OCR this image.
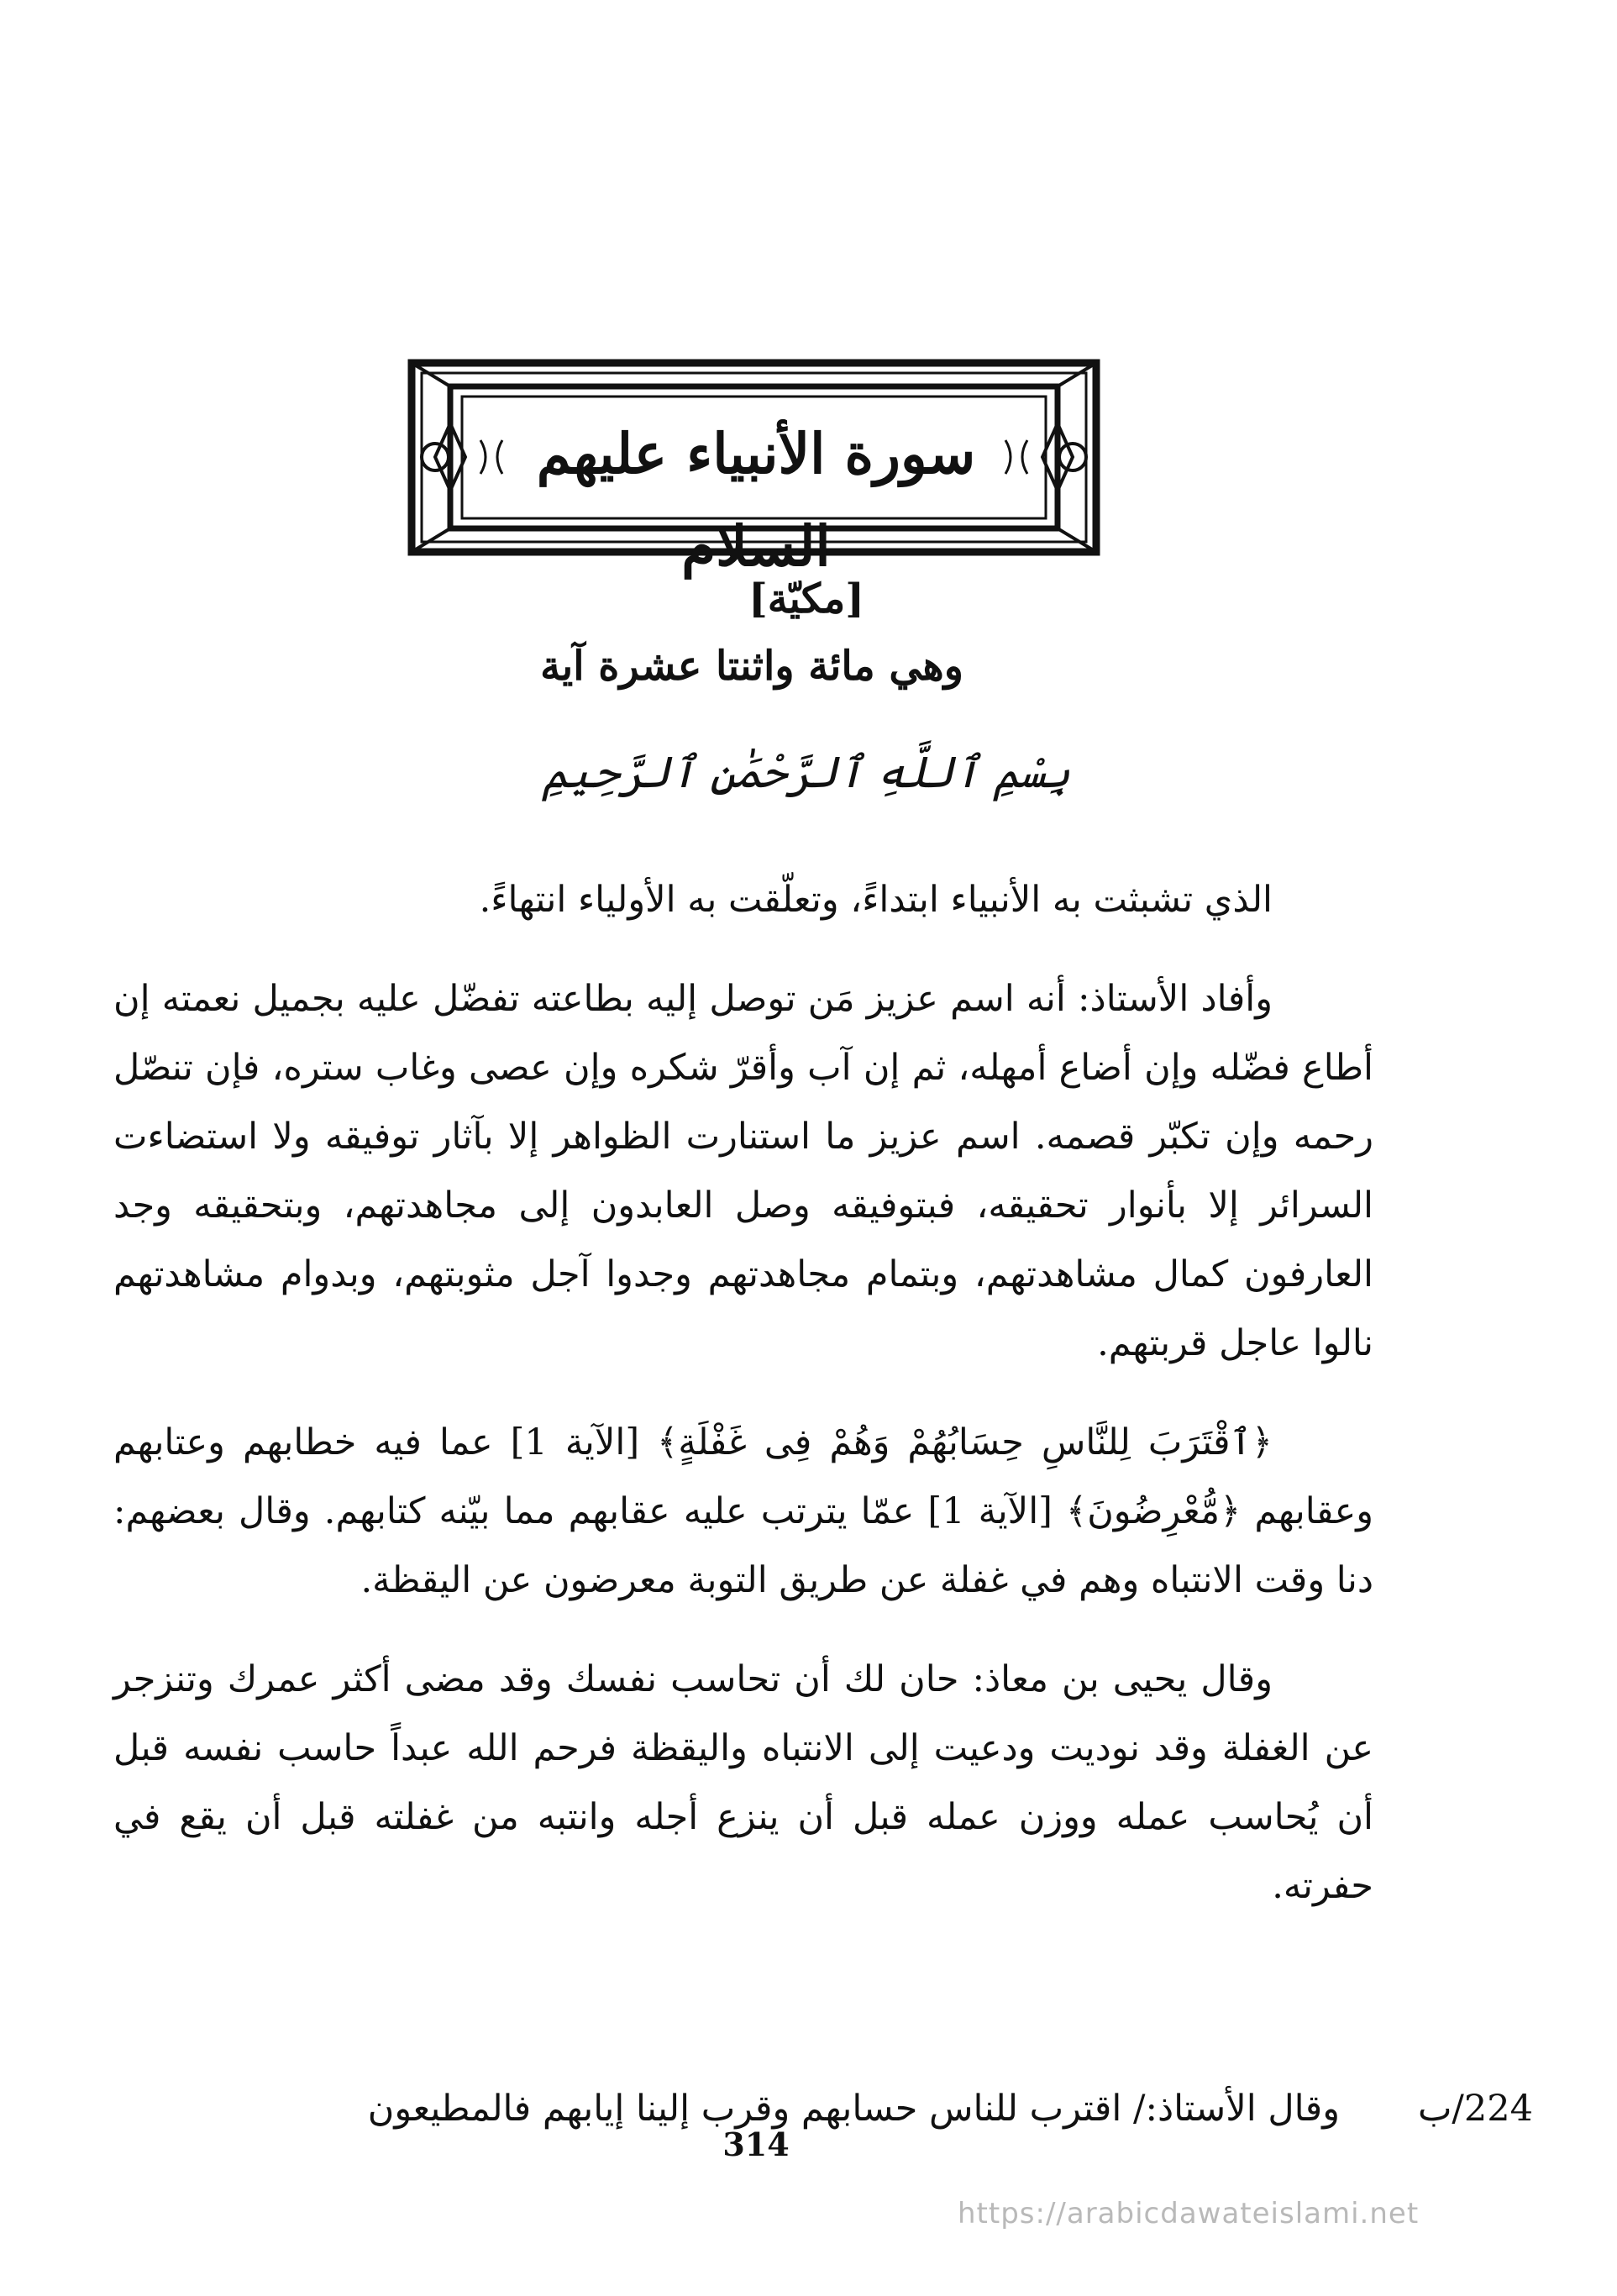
سورة الأنبياء عليهم السلام
[مكيّة]
وهي مائة واثنتا عشرة آية
بِسْمِ ٱللَّهِ ٱلرَّحْمَٰنِ ٱلرَّحِيمِ

الذي تشبثت به الأنبياء ابتداءً، وتعلّقت به الأولياء انتهاءً.

وأفاد الأستاذ: أنه اسم عزيز مَن توصل إليه بطاعته تفضّل عليه بجميل نعمته إن أطاع فضّله وإن أضاع أمهله، ثم إن آب وأقرّ شكره وإن عصى وغاب ستره، فإن تنصّل رحمه وإن تكبّر قصمه. اسم عزيز ما استنارت الظواهر إلا بآثار توفيقه ولا استضاءت السرائر إلا بأنوار تحقيقه، فبتوفيقه وصل العابدون إلى مجاهدتهم، وبتحقيقه وجد العارفون كمال مشاهدتهم، وبتمام مجاهدتهم وجدوا آجل مثوبتهم، وبدوام مشاهدتهم نالوا عاجل قربتهم.

﴿ٱقْتَرَبَ لِلنَّاسِ حِسَابُهُمْ وَهُمْ فِى غَفْلَةٍ﴾ [الآية 1] عما فيه خطابهم وعتابهم وعقابهم ﴿مُّعْرِضُونَ﴾ [الآية 1] عمّا يترتب عليه عقابهم مما بيّنه كتابهم. وقال بعضهم: دنا وقت الانتباه وهم في غفلة عن طريق التوبة معرضون عن اليقظة.

وقال يحيى بن معاذ: حان لك أن تحاسب نفسك وقد مضى أكثر عمرك وتنزجر عن الغفلة وقد نوديت ودعيت إلى الانتباه واليقظة فرحم الله عبداً حاسب نفسه قبل أن يُحاسب عمله ووزن عمله قبل أن ينزع أجله وانتبه من غفلته قبل أن يقع في حفرته.

وقال الأستاذ:/ اقترب للناس حسابهم وقرب إلينا إيابهم فالمطيعون 224/ب
314
https://arabicdawateislami.net
